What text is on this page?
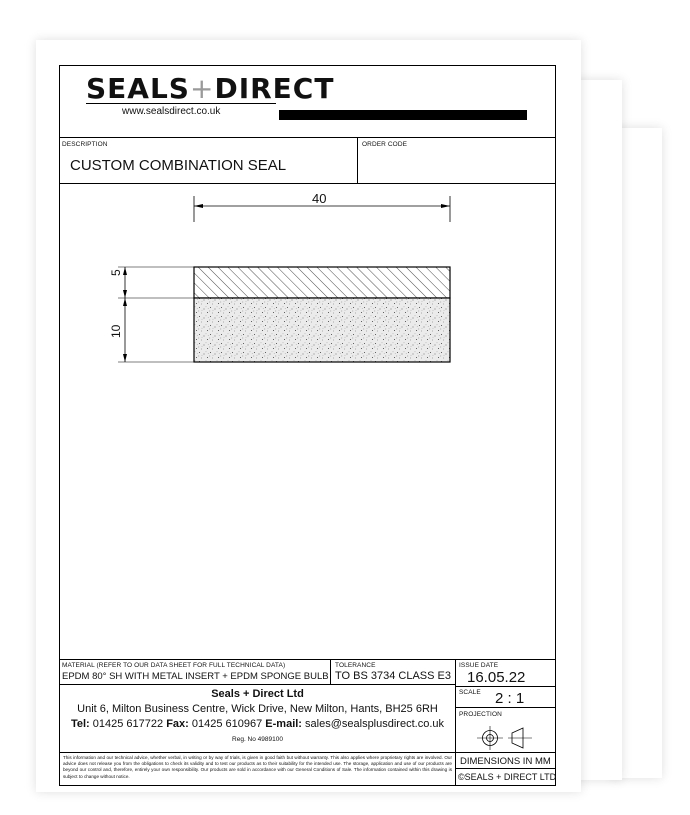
SEALS+DIRECT
www.sealsdirect.co.uk
DESCRIPTION
CUSTOM COMBINATION SEAL
ORDER CODE
40
5
10
MATERIAL (REFER TO OUR DATA SHEET FOR FULL TECHNICAL DATA)
EPDM 80° SH WITH METAL INSERT + EPDM SPONGE BULB
TOLERANCE
TO BS 3734 CLASS E3
ISSUE DATE
16.05.22
SCALE 2 : 1
PROJECTION
DIMENSIONS IN MM
©SEALS + DIRECT LTD
Seals + Direct Ltd
Unit 6, Milton Business Centre, Wick Drive, New Milton, Hants, BH25 6RH
Tel: 01425 617722 Fax: 01425 610967 E-mail: sales@sealsplusdirect.co.uk
Reg. No 4989100
This information and our technical advice, whether verbal, in writing or by way of trials, is given in good faith but without warranty. This also applies where proprietary rights are involved. Our advice does not release you from the obligations to check its validity and to test our products as to their suitability for the intended use. The storage, application and use of our products are beyond our control and, therefore, entirely your own responsibility. Our products are sold in accordance with our General Conditions of Sale. The information contained within this drawing is subject to change without notice.
